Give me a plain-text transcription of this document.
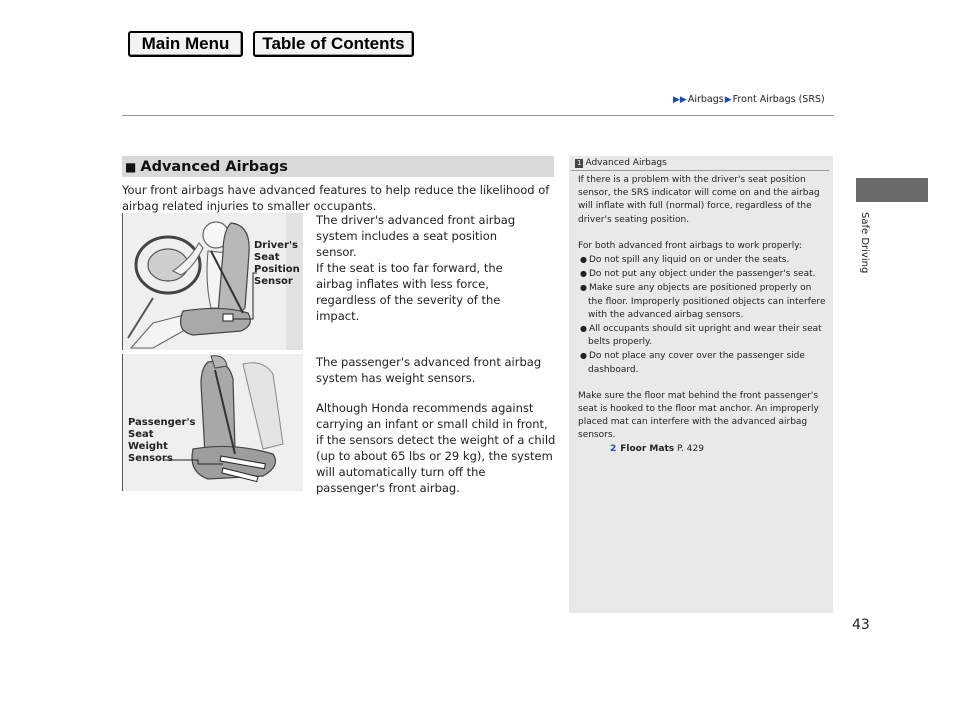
Main Menu	Table of Contents
▶▶ Airbags ▶ Front Airbags (SRS)
Safe Driving
■ Advanced Airbags

Your front airbags have advanced features to help reduce the likelihood of airbag related injuries to smaller occupants.

Driver's
Seat
Position
Sensor

The driver's advanced front airbag system includes a seat position sensor.

If the seat is too far forward, the airbag inflates with less force, regardless of the severity of the impact.

Passenger's
Seat
Weight
Sensors

The passenger's advanced front airbag system has weight sensors.

Although Honda recommends against carrying an infant or small child in front, if the sensors detect the weight of a child (up to about 65 lbs or 29 kg), the system will automatically turn off the passenger's front airbag.

1 Advanced Airbags

If there is a problem with the driver's seat position sensor, the SRS indicator will come on and the airbag will inflate with full (normal) force, regardless of the driver's seating position.

For both advanced front airbags to work properly:

● Do not spill any liquid on or under the seats.
● Do not put any object under the passenger's seat.
● Make sure any objects are positioned properly on the floor. Improperly positioned objects can interfere with the advanced airbag sensors.
● All occupants should sit upright and wear their seat belts properly.
● Do not place any cover over the passenger side dashboard.

Make sure the floor mat behind the front passenger's seat is hooked to the floor mat anchor. An improperly placed mat can interfere with the advanced airbag sensors.

2 Floor Mats P. 429
43
